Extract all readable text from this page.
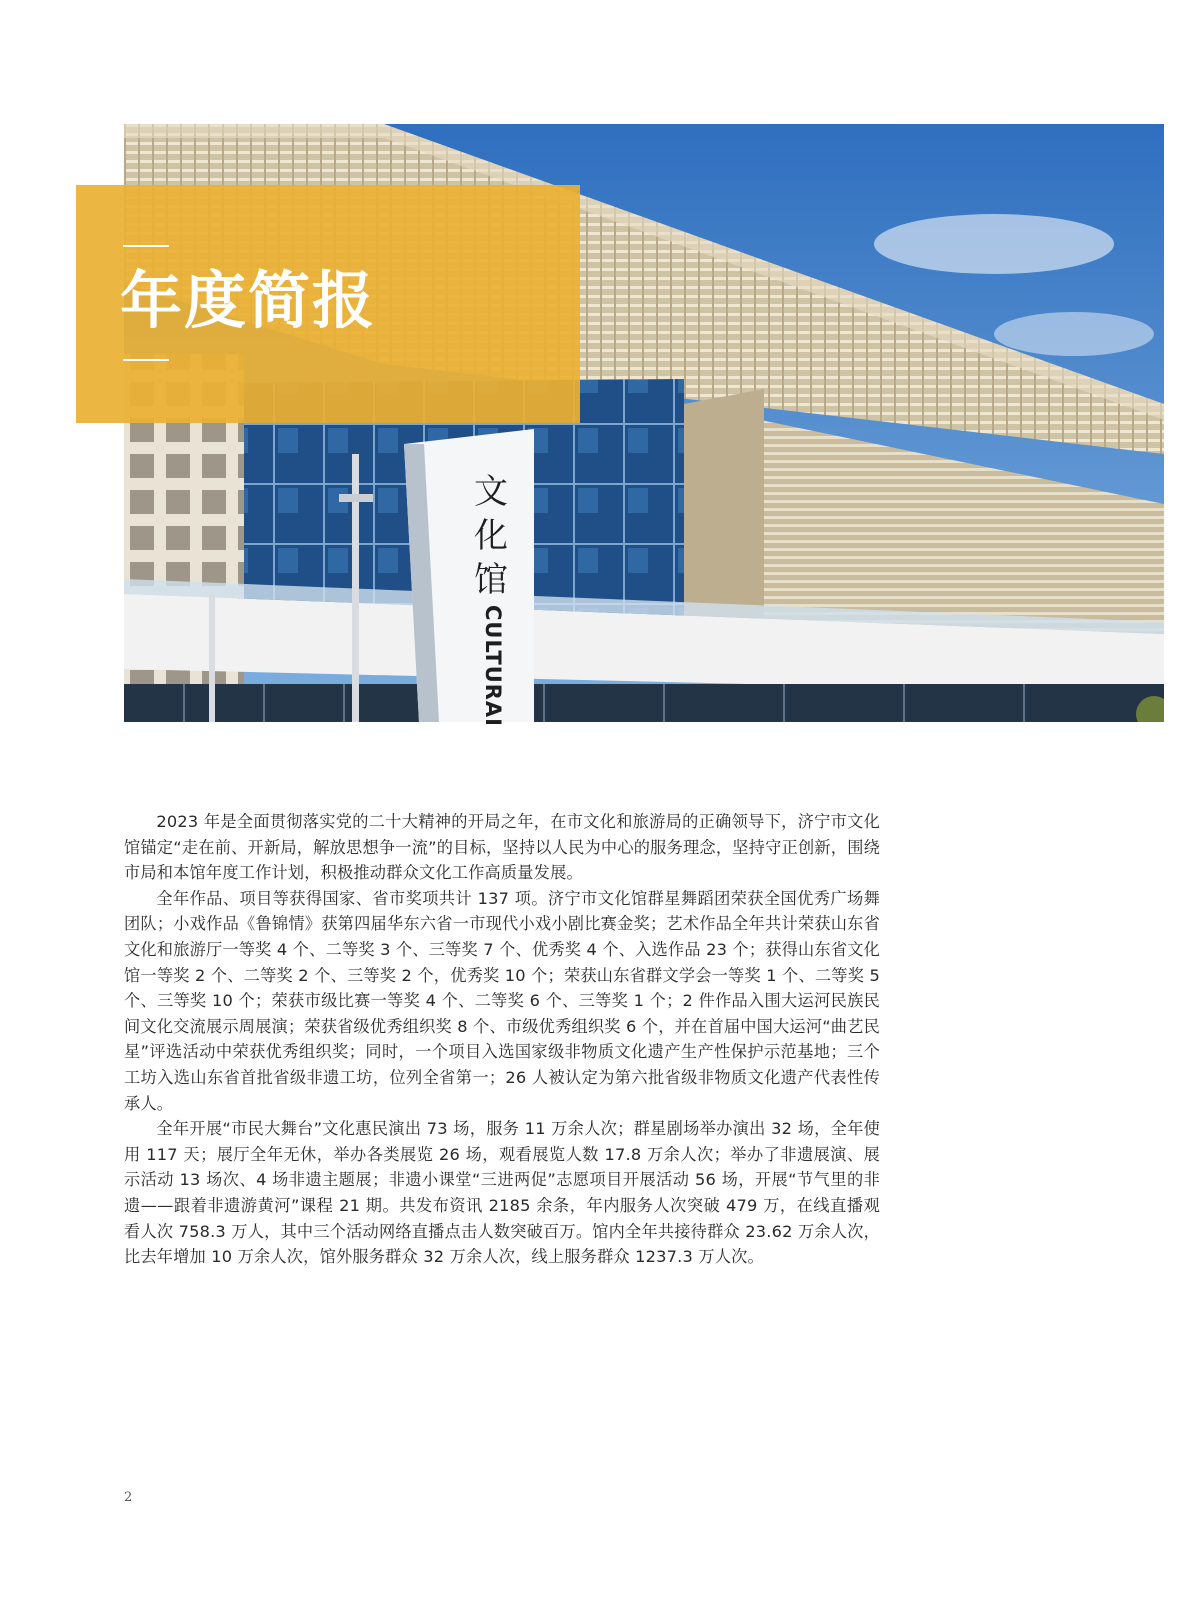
文
化
馆
CULTURAI
年度简报

2023 年是全面贯彻落实党的二十大精神的开局之年，在市文化和旅游局的正确领导下，济宁市文化馆锚定“走在前、开新局，解放思想争一流”的目标，坚持以人民为中心的服务理念，坚持守正创新，围绕市局和本馆年度工作计划，积极推动群众文化工作高质量发展。

全年作品、项目等获得国家、省市奖项共计 137 项。济宁市文化馆群星舞蹈团荣获全国优秀广场舞团队；小戏作品《鲁锦情》获第四届华东六省一市现代小戏小剧比赛金奖；艺术作品全年共计荣获山东省文化和旅游厅一等奖 4 个、二等奖 3 个、三等奖 7 个、优秀奖 4 个、入选作品 23 个；获得山东省文化馆一等奖 2 个、二等奖 2 个、三等奖 2 个，优秀奖 10 个；荣获山东省群文学会一等奖 1 个、二等奖 5 个、三等奖 10 个；荣获市级比赛一等奖 4 个、二等奖 6 个、三等奖 1 个；2 件作品入围大运河民族民间文化交流展示周展演；荣获省级优秀组织奖 8 个、市级优秀组织奖 6 个，并在首届中国大运河“曲艺民星”评选活动中荣获优秀组织奖；同时，一个项目入选国家级非物质文化遗产生产性保护示范基地；三个工坊入选山东省首批省级非遗工坊，位列全省第一；26 人被认定为第六批省级非物质文化遗产代表性传承人。

全年开展“市民大舞台”文化惠民演出 73 场，服务 11 万余人次；群星剧场举办演出 32 场，全年使用 117 天；展厅全年无休，举办各类展览 26 场，观看展览人数 17.8 万余人次；举办了非遗展演、展示活动 13 场次、4 场非遗主题展；非遗小课堂“三进两促”志愿项目开展活动 56 场，开展“节气里的非遗——跟着非遗游黄河”课程 21 期。共发布资讯 2185 余条，年内服务人次突破 479 万，在线直播观看人次 758.3 万人，其中三个活动网络直播点击人数突破百万。馆内全年共接待群众 23.62 万余人次，比去年增加 10 万余人次，馆外服务群众 32 万余人次，线上服务群众 1237.3 万人次。

2
